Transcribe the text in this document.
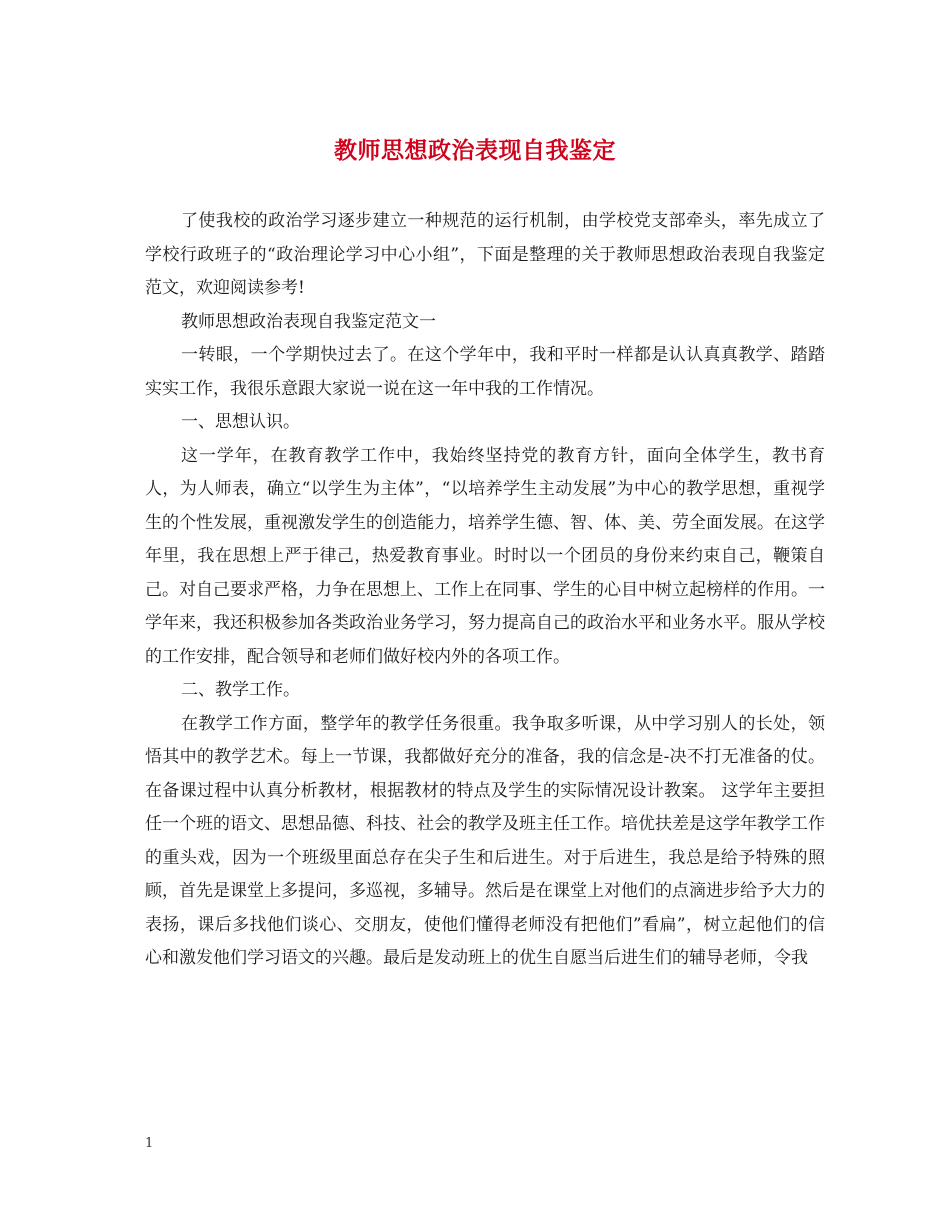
教师思想政治表现自我鉴定

了使我校的政治学习逐步建立一种规范的运行机制，由学校党支部牵头，率先成立了学校行政班子的“政治理论学习中心小组”，下面是整理的关于教师思想政治表现自我鉴定范文，欢迎阅读参考!

教师思想政治表现自我鉴定范文一

一转眼，一个学期快过去了。在这个学年中，我和平时一样都是认认真真教学、踏踏实实工作，我很乐意跟大家说一说在这一年中我的工作情况。

一、思想认识。

这一学年，在教育教学工作中，我始终坚持党的教育方针，面向全体学生，教书育人，为人师表，确立“以学生为主体”，“以培养学生主动发展”为中心的教学思想，重视学生的个性发展，重视激发学生的创造能力，培养学生德、智、体、美、劳全面发展。在这学年里，我在思想上严于律己，热爱教育事业。时时以一个团员的身份来约束自己，鞭策自己。对自己要求严格，力争在思想上、工作上在同事、学生的心目中树立起榜样的作用。一学年来，我还积极参加各类政治业务学习，努力提高自己的政治水平和业务水平。服从学校的工作安排，配合领导和老师们做好校内外的各项工作。

二、教学工作。

在教学工作方面，整学年的教学任务很重。我争取多听课，从中学习别人的长处，领悟其中的教学艺术。每上一节课，我都做好充分的准备，我的信念是-决不打无准备的仗。在备课过程中认真分析教材，根据教材的特点及学生的实际情况设计教案。 这学年主要担任一个班的语文、思想品德、科技、社会的教学及班主任工作。培优扶差是这学年教学工作的重头戏，因为一个班级里面总存在尖子生和后进生。对于后进生，我总是给予特殊的照顾，首先是课堂上多提问，多巡视，多辅导。然后是在课堂上对他们的点滴进步给予大力的表扬，课后多找他们谈心、交朋友，使他们懂得老师没有把他们”看扁”，树立起他们的信心和激发他们学习语文的兴趣。最后是发动班上的优生自愿当后进生们的辅导老师，令我

1
